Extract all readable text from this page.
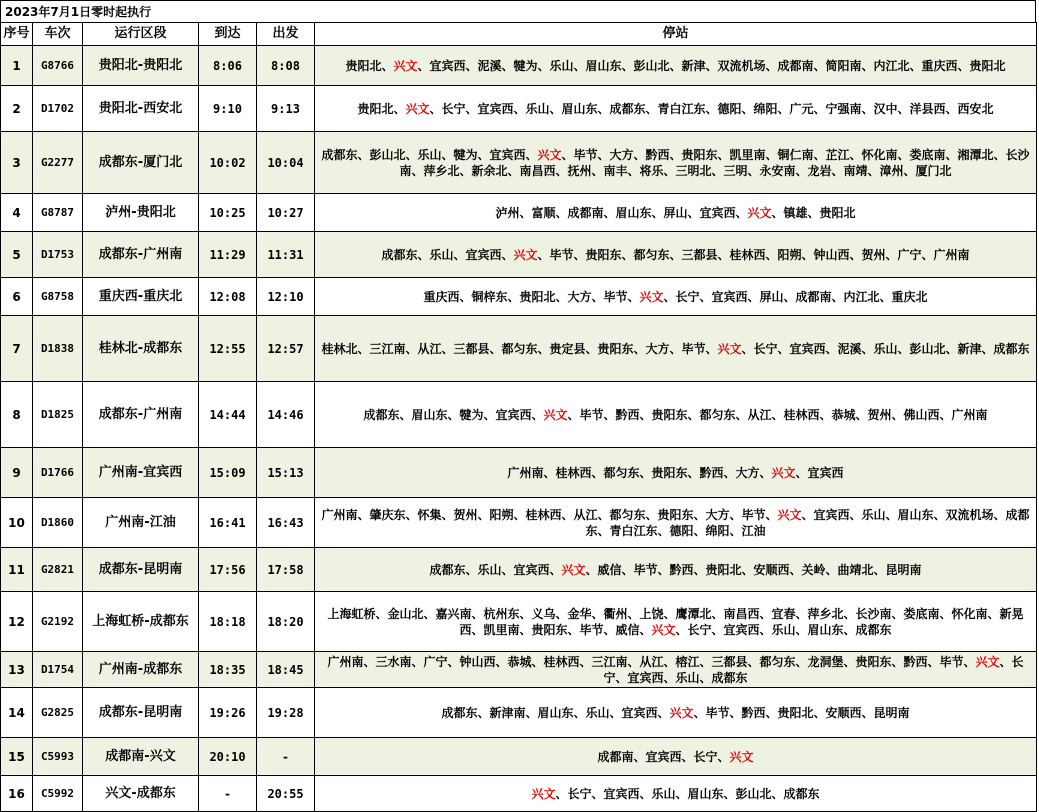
2023年7月1日零时起执行
序号	车次	运行区段	到达	出发	停站
1	G8766	贵阳北-贵阳北	8:06	8:08	贵阳北、兴文、宜宾西、泥溪、犍为、乐山、眉山东、彭山北、新津、双流机场、成都南、简阳南、内江北、重庆西、贵阳北
2	D1702	贵阳北-西安北	9:10	9:13	贵阳北、兴文、长宁、宜宾西、乐山、眉山东、成都东、青白江东、德阳、绵阳、广元、宁强南、汉中、洋县西、西安北
3	G2277	成都东-厦门北	10:02	10:04	成都东、彭山北、乐山、犍为、宜宾西、兴文、毕节、大方、黔西、贵阳东、凯里南、铜仁南、芷江、怀化南、娄底南、湘潭北、长沙南、萍乡北、新余北、南昌西、抚州、南丰、将乐、三明北、三明、永安南、龙岩、南靖、漳州、厦门北
4	G8787	泸州-贵阳北	10:25	10:27	泸州、富顺、成都南、眉山东、屏山、宜宾西、兴文、镇雄、贵阳北
5	D1753	成都东-广州南	11:29	11:31	成都东、乐山、宜宾西、兴文、毕节、贵阳东、都匀东、三都县、桂林西、阳朔、钟山西、贺州、广宁、广州南
6	G8758	重庆西-重庆北	12:08	12:10	重庆西、铜梓东、贵阳北、大方、毕节、兴文、长宁、宜宾西、屏山、成都南、内江北、重庆北
7	D1838	桂林北-成都东	12:55	12:57	桂林北、三江南、从江、三都县、都匀东、贵定县、贵阳东、大方、毕节、兴文、长宁、宜宾西、泥溪、乐山、彭山北、新津、成都东
8	D1825	成都东-广州南	14:44	14:46	成都东、眉山东、犍为、宜宾西、兴文、毕节、黔西、贵阳东、都匀东、从江、桂林西、恭城、贺州、佛山西、广州南
9	D1766	广州南-宜宾西	15:09	15:13	广州南、桂林西、都匀东、贵阳东、黔西、大方、兴文、宜宾西
10	D1860	广州南-江油	16:41	16:43	广州南、肇庆东、怀集、贺州、阳朔、桂林西、从江、都匀东、贵阳东、大方、毕节、兴文、宜宾西、乐山、眉山东、双流机场、成都东、青白江东、德阳、绵阳、江油
11	G2821	成都东-昆明南	17:56	17:58	成都东、乐山、宜宾西、兴文、威信、毕节、黔西、贵阳北、安顺西、关岭、曲靖北、昆明南
12	G2192	上海虹桥-成都东	18:18	18:20	上海虹桥、金山北、嘉兴南、杭州东、义乌、金华、衢州、上饶、鹰潭北、南昌西、宜春、萍乡北、长沙南、娄底南、怀化南、新晃西、凯里南、贵阳东、毕节、威信、兴文、长宁、宜宾西、乐山、眉山东、成都东
13	D1754	广州南-成都东	18:35	18:45	广州南、三水南、广宁、钟山西、恭城、桂林西、三江南、从江、榕江、三都县、都匀东、龙洞堡、贵阳东、黔西、毕节、兴文、长宁、宜宾西、乐山、成都东
14	G2825	成都东-昆明南	19:26	19:28	成都东、新津南、眉山东、乐山、宜宾西、兴文、毕节、黔西、贵阳北、安顺西、昆明南
15	C5993	成都南-兴文	20:10	-	成都南、宜宾西、长宁、兴文
16	C5992	兴文-成都东	-	20:55	兴文、长宁、宜宾西、乐山、眉山东、彭山北、成都东
